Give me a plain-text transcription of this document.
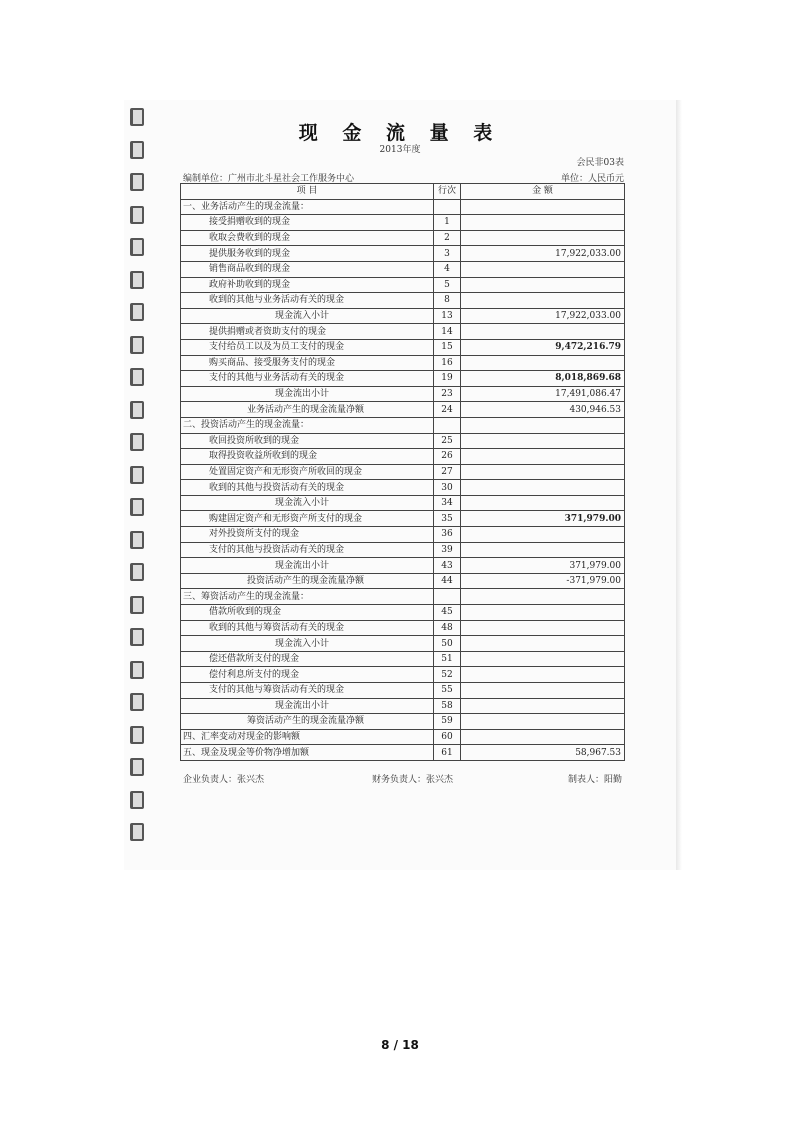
现 金 流 量 表
2013年度
会民非03表
编制单位：广州市北斗星社会工作服务中心	单位：人民币元
项 目	行次	金 额
一、业务活动产生的现金流量：		
接受捐赠收到的现金	1	
收取会费收到的现金	2	
提供服务收到的现金	3	17,922,033.00
销售商品收到的现金	4	
政府补助收到的现金	5	
收到的其他与业务活动有关的现金	8	
现金流入小计	13	17,922,033.00
提供捐赠或者资助支付的现金	14	
支付给员工以及为员工支付的现金	15	9,472,216.79
购买商品、接受服务支付的现金	16	
支付的其他与业务活动有关的现金	19	8,018,869.68
现金流出小计	23	17,491,086.47
业务活动产生的现金流量净额	24	430,946.53
二、投资活动产生的现金流量：		
收回投资所收到的现金	25	
取得投资收益所收到的现金	26	
处置固定资产和无形资产所收回的现金	27	
收到的其他与投资活动有关的现金	30	
现金流入小计	34	
购建固定资产和无形资产所支付的现金	35	371,979.00
对外投资所支付的现金	36	
支付的其他与投资活动有关的现金	39	
现金流出小计	43	371,979.00
投资活动产生的现金流量净额	44	-371,979.00
三、筹资活动产生的现金流量：		
借款所收到的现金	45	
收到的其他与筹资活动有关的现金	48	
现金流入小计	50	
偿还借款所支付的现金	51	
偿付利息所支付的现金	52	
支付的其他与筹资活动有关的现金	55	
现金流出小计	58	
筹资活动产生的现金流量净额	59	
四、汇率变动对现金的影响额	60	
五、现金及现金等价物净增加额	61	58,967.53
企业负责人：张兴杰	财务负责人：张兴杰	制表人：阳勤
8 / 18
